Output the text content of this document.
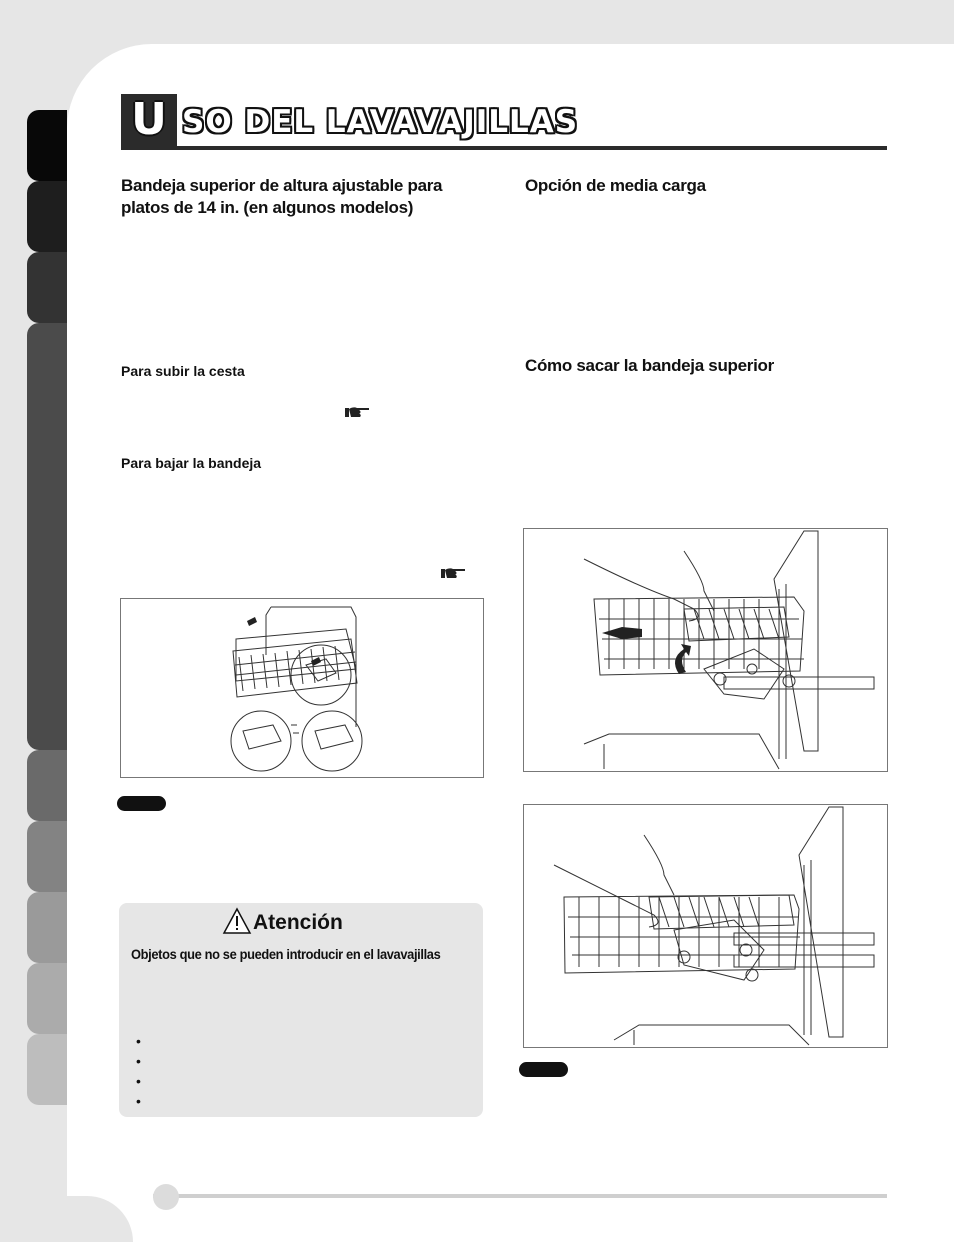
U SO DEL LAVAVAJILLAS
Bandeja superior de altura ajustable para platos de 14 in. (en algunos modelos)
Para subir la cesta
Para bajar la bandeja
Atención
Objetos que no se pueden introducir en el lavavajillas
•
•
•
•
Opción de media carga
Cómo sacar la bandeja superior
